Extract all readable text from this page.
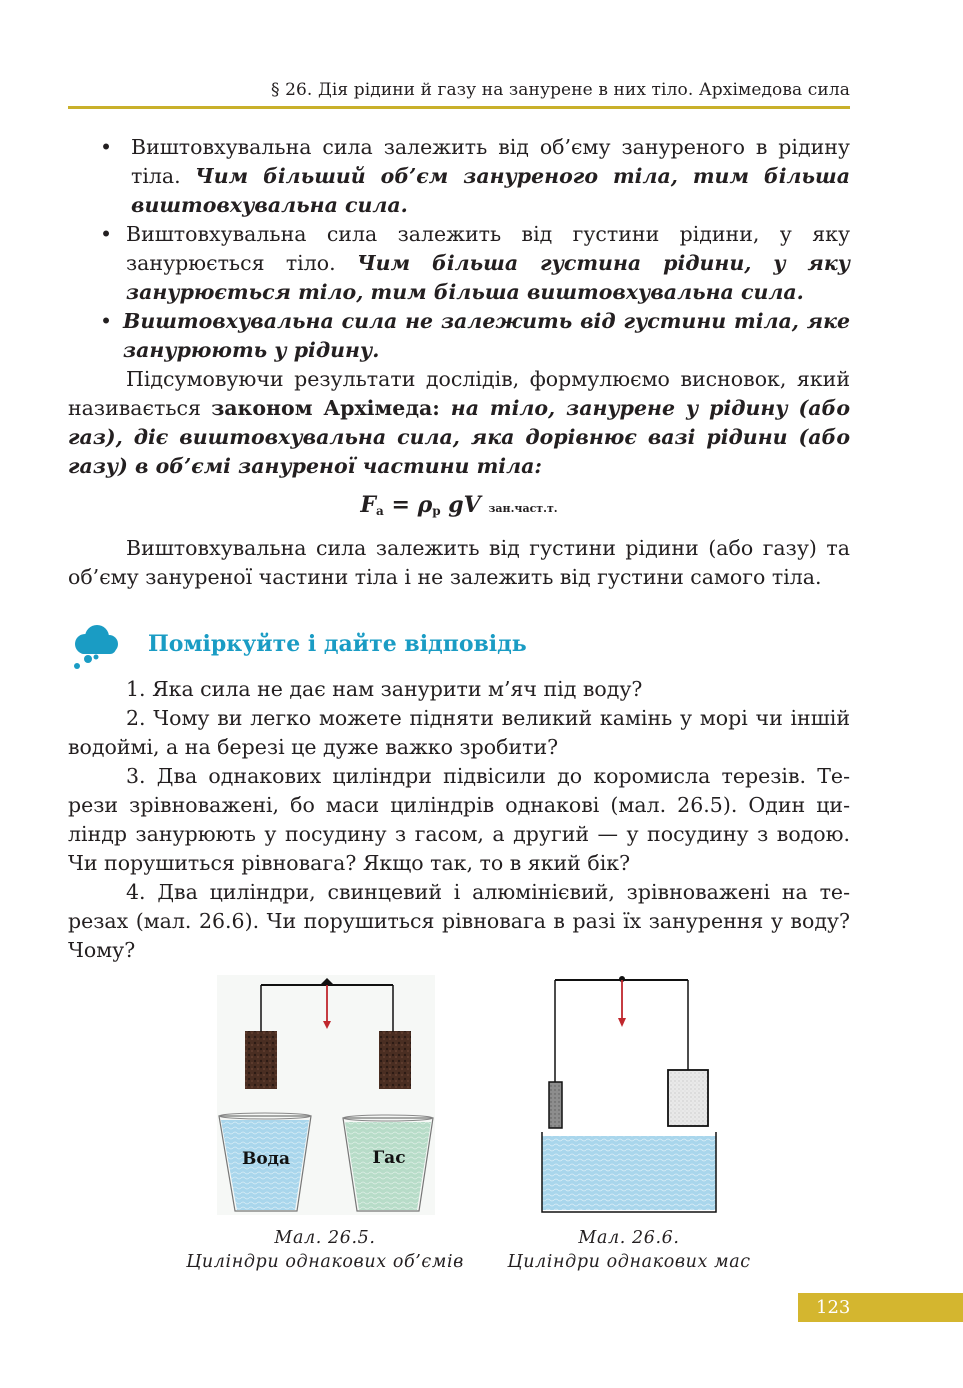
§ 26. Дія рідини й газу на занурене в них тіло. Архімедова сила
• Виштовхувальна сила залежить від об’єму зануреного в рідину тіла. Чим більший об’єм зануреного тіла, тим більша виштовхувальна сила.
• Виштовхувальна сила залежить від густини рідини, у яку занурюється тіло. Чим більша густина рідини, у яку занурюється тіло, тим більша виштовхувальна сила.
• Виштовхувальна сила не залежить від густини тіла, яке занурюють у рідину.

Підсумовуючи результати дослідів, формулюємо висновок, який називається законом Архімеда: на тіло, занурене у рідину (або газ), діє виштовхувальна сила, яка дорівнює вазі рідини (або газу) в об’ємі зануреної частини тіла:

$F_а = \rho_р$ gV зан.част.т.

Виштовхувальна сила залежить від густини рідини (або газу) та об’єму зануреної частини тіла і не залежить від густини самого тіла.

Поміркуйте і дайте відповідь

1. Яка сила не дає нам занурити м’яч під воду?

2. Чому ви легко можете підняти великий камінь у морі чи іншій водоймі, а на березі це дуже важко зробити?

3. Два однакових циліндри підвісили до коромисла терезів. Терези зрівноважені, бо маси циліндрів однакові (мал. 26.5). Один циліндр занурюють у посудину з гасом, а другий — у посудину з водою. Чи порушиться рівновага? Якщо так, то в який бік?

4. Два циліндри, свинцевий і алюмінієвий, зрівноважені на терезах (мал. 26.6). Чи порушиться рівновага в разі їх занурення у воду? Чому?

Вода	Гас
Мал. 26.5.
Циліндри однакових об’ємів
Мал. 26.6.
Циліндри однакових мас
123
